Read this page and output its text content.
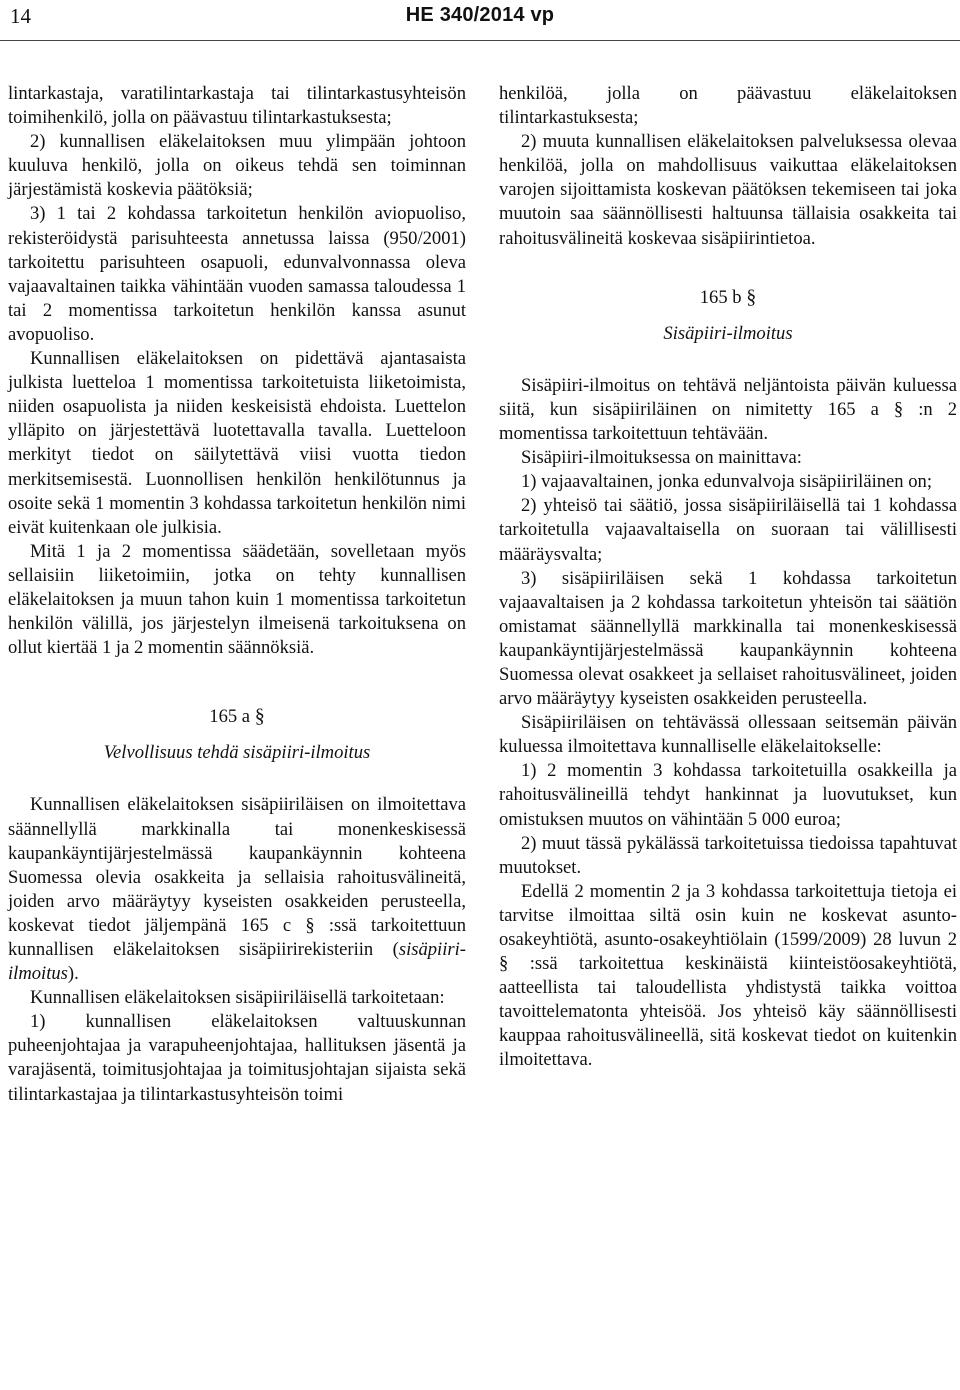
14	HE 340/2014 vp

lintarkastaja, varatilintarkastaja tai tilintarkastusyhteisön toimihenkilö, jolla on päävastuu tilintarkastuksesta;

2) kunnallisen eläkelaitoksen muu ylimpään johtoon kuuluva henkilö, jolla on oikeus tehdä sen toiminnan järjestämistä koskevia päätöksiä;

3) 1 tai 2 kohdassa tarkoitetun henkilön aviopuoliso, rekisteröidystä parisuhteesta annetussa laissa (950/2001) tarkoitettu parisuhteen osapuoli, edunvalvonnassa oleva vajaavaltainen taikka vähintään vuoden samassa taloudessa 1 tai 2 momentissa tarkoitetun henkilön kanssa asunut avopuoliso.

Kunnallisen eläkelaitoksen on pidettävä ajantasaista julkista luetteloa 1 momentissa tarkoitetuista liiketoimista, niiden osapuolista ja niiden keskeisistä ehdoista. Luettelon ylläpito on järjestettävä luotettavalla tavalla. Luetteloon merkityt tiedot on säilytettävä viisi vuotta tiedon merkitsemisestä. Luonnollisen henkilön henkilötunnus ja osoite sekä 1 momentin 3 kohdassa tarkoitetun henkilön nimi eivät kuitenkaan ole julkisia.

Mitä 1 ja 2 momentissa säädetään, sovelletaan myös sellaisiin liiketoimiin, jotka on tehty kunnallisen eläkelaitoksen ja muun tahon kuin 1 momentissa tarkoitetun henkilön välillä, jos järjestelyn ilmeisenä tarkoituksena on ollut kiertää 1 ja 2 momentin säännöksiä.

165 a §

Velvollisuus tehdä sisäpiiri-ilmoitus

Kunnallisen eläkelaitoksen sisäpiiriläisen on ilmoitettava säännellyllä markkinalla tai monenkeskisessä kaupankäyntijärjestelmässä kaupankäynnin kohteena Suomessa olevia osakkeita ja sellaisia rahoitusvälineitä, joiden arvo määräytyy kyseisten osakkeiden perusteella, koskevat tiedot jäljempänä 165 c § :ssä tarkoitettuun kunnallisen eläkelaitoksen sisäpiirirekisteriin (sisäpiiri-ilmoitus).

Kunnallisen eläkelaitoksen sisäpiiriläisellä tarkoitetaan:

1) kunnallisen eläkelaitoksen valtuuskunnan puheenjohtajaa ja varapuheenjohtajaa, hallituksen jäsentä ja varajäsentä, toimitusjohtajaa ja toimitusjohtajan sijaista sekä tilintarkastajaa ja tilintarkastusyhteisön toimi

henkilöä, jolla on päävastuu eläkelaitoksen tilintarkastuksesta;

2) muuta kunnallisen eläkelaitoksen palveluksessa olevaa henkilöä, jolla on mahdollisuus vaikuttaa eläkelaitoksen varojen sijoittamista koskevan päätöksen tekemiseen tai joka muutoin saa säännöllisesti haltuunsa tällaisia osakkeita tai rahoitusvälineitä koskevaa sisäpiirintietoa.

165 b §

Sisäpiiri-ilmoitus

Sisäpiiri-ilmoitus on tehtävä neljäntoista päivän kuluessa siitä, kun sisäpiiriläinen on nimitetty 165 a § :n 2 momentissa tarkoitettuun tehtävään.

Sisäpiiri-ilmoituksessa on mainittava:

1) vajaavaltainen, jonka edunvalvoja sisäpiiriläinen on;

2) yhteisö tai säätiö, jossa sisäpiiriläisellä tai 1 kohdassa tarkoitetulla vajaavaltaisella on suoraan tai välillisesti määräysvalta;

3) sisäpiiriläisen sekä 1 kohdassa tarkoitetun vajaavaltaisen ja 2 kohdassa tarkoitetun yhteisön tai säätiön omistamat säännellyllä markkinalla tai monenkeskisessä kaupankäyntijärjestelmässä kaupankäynnin kohteena Suomessa olevat osakkeet ja sellaiset rahoitusvälineet, joiden arvo määräytyy kyseisten osakkeiden perusteella.

Sisäpiiriläisen on tehtävässä ollessaan seitsemän päivän kuluessa ilmoitettava kunnalliselle eläkelaitokselle:

1) 2 momentin 3 kohdassa tarkoitetuilla osakkeilla ja rahoitusvälineillä tehdyt hankinnat ja luovutukset, kun omistuksen muutos on vähintään 5 000 euroa;

2) muut tässä pykälässä tarkoitetuissa tiedoissa tapahtuvat muutokset.

Edellä 2 momentin 2 ja 3 kohdassa tarkoitettuja tietoja ei tarvitse ilmoittaa siltä osin kuin ne koskevat asunto-osakeyhtiötä, asunto-osakeyhtiölain (1599/2009) 28 luvun 2 § :ssä tarkoitettua keskinäistä kiinteistöosakeyhtiötä, aatteellista tai taloudellista yhdistystä taikka voittoa tavoittelematonta yhteisöä. Jos yhteisö käy säännöllisesti kauppaa rahoitusvälineellä, sitä koskevat tiedot on kuitenkin ilmoitettava.
